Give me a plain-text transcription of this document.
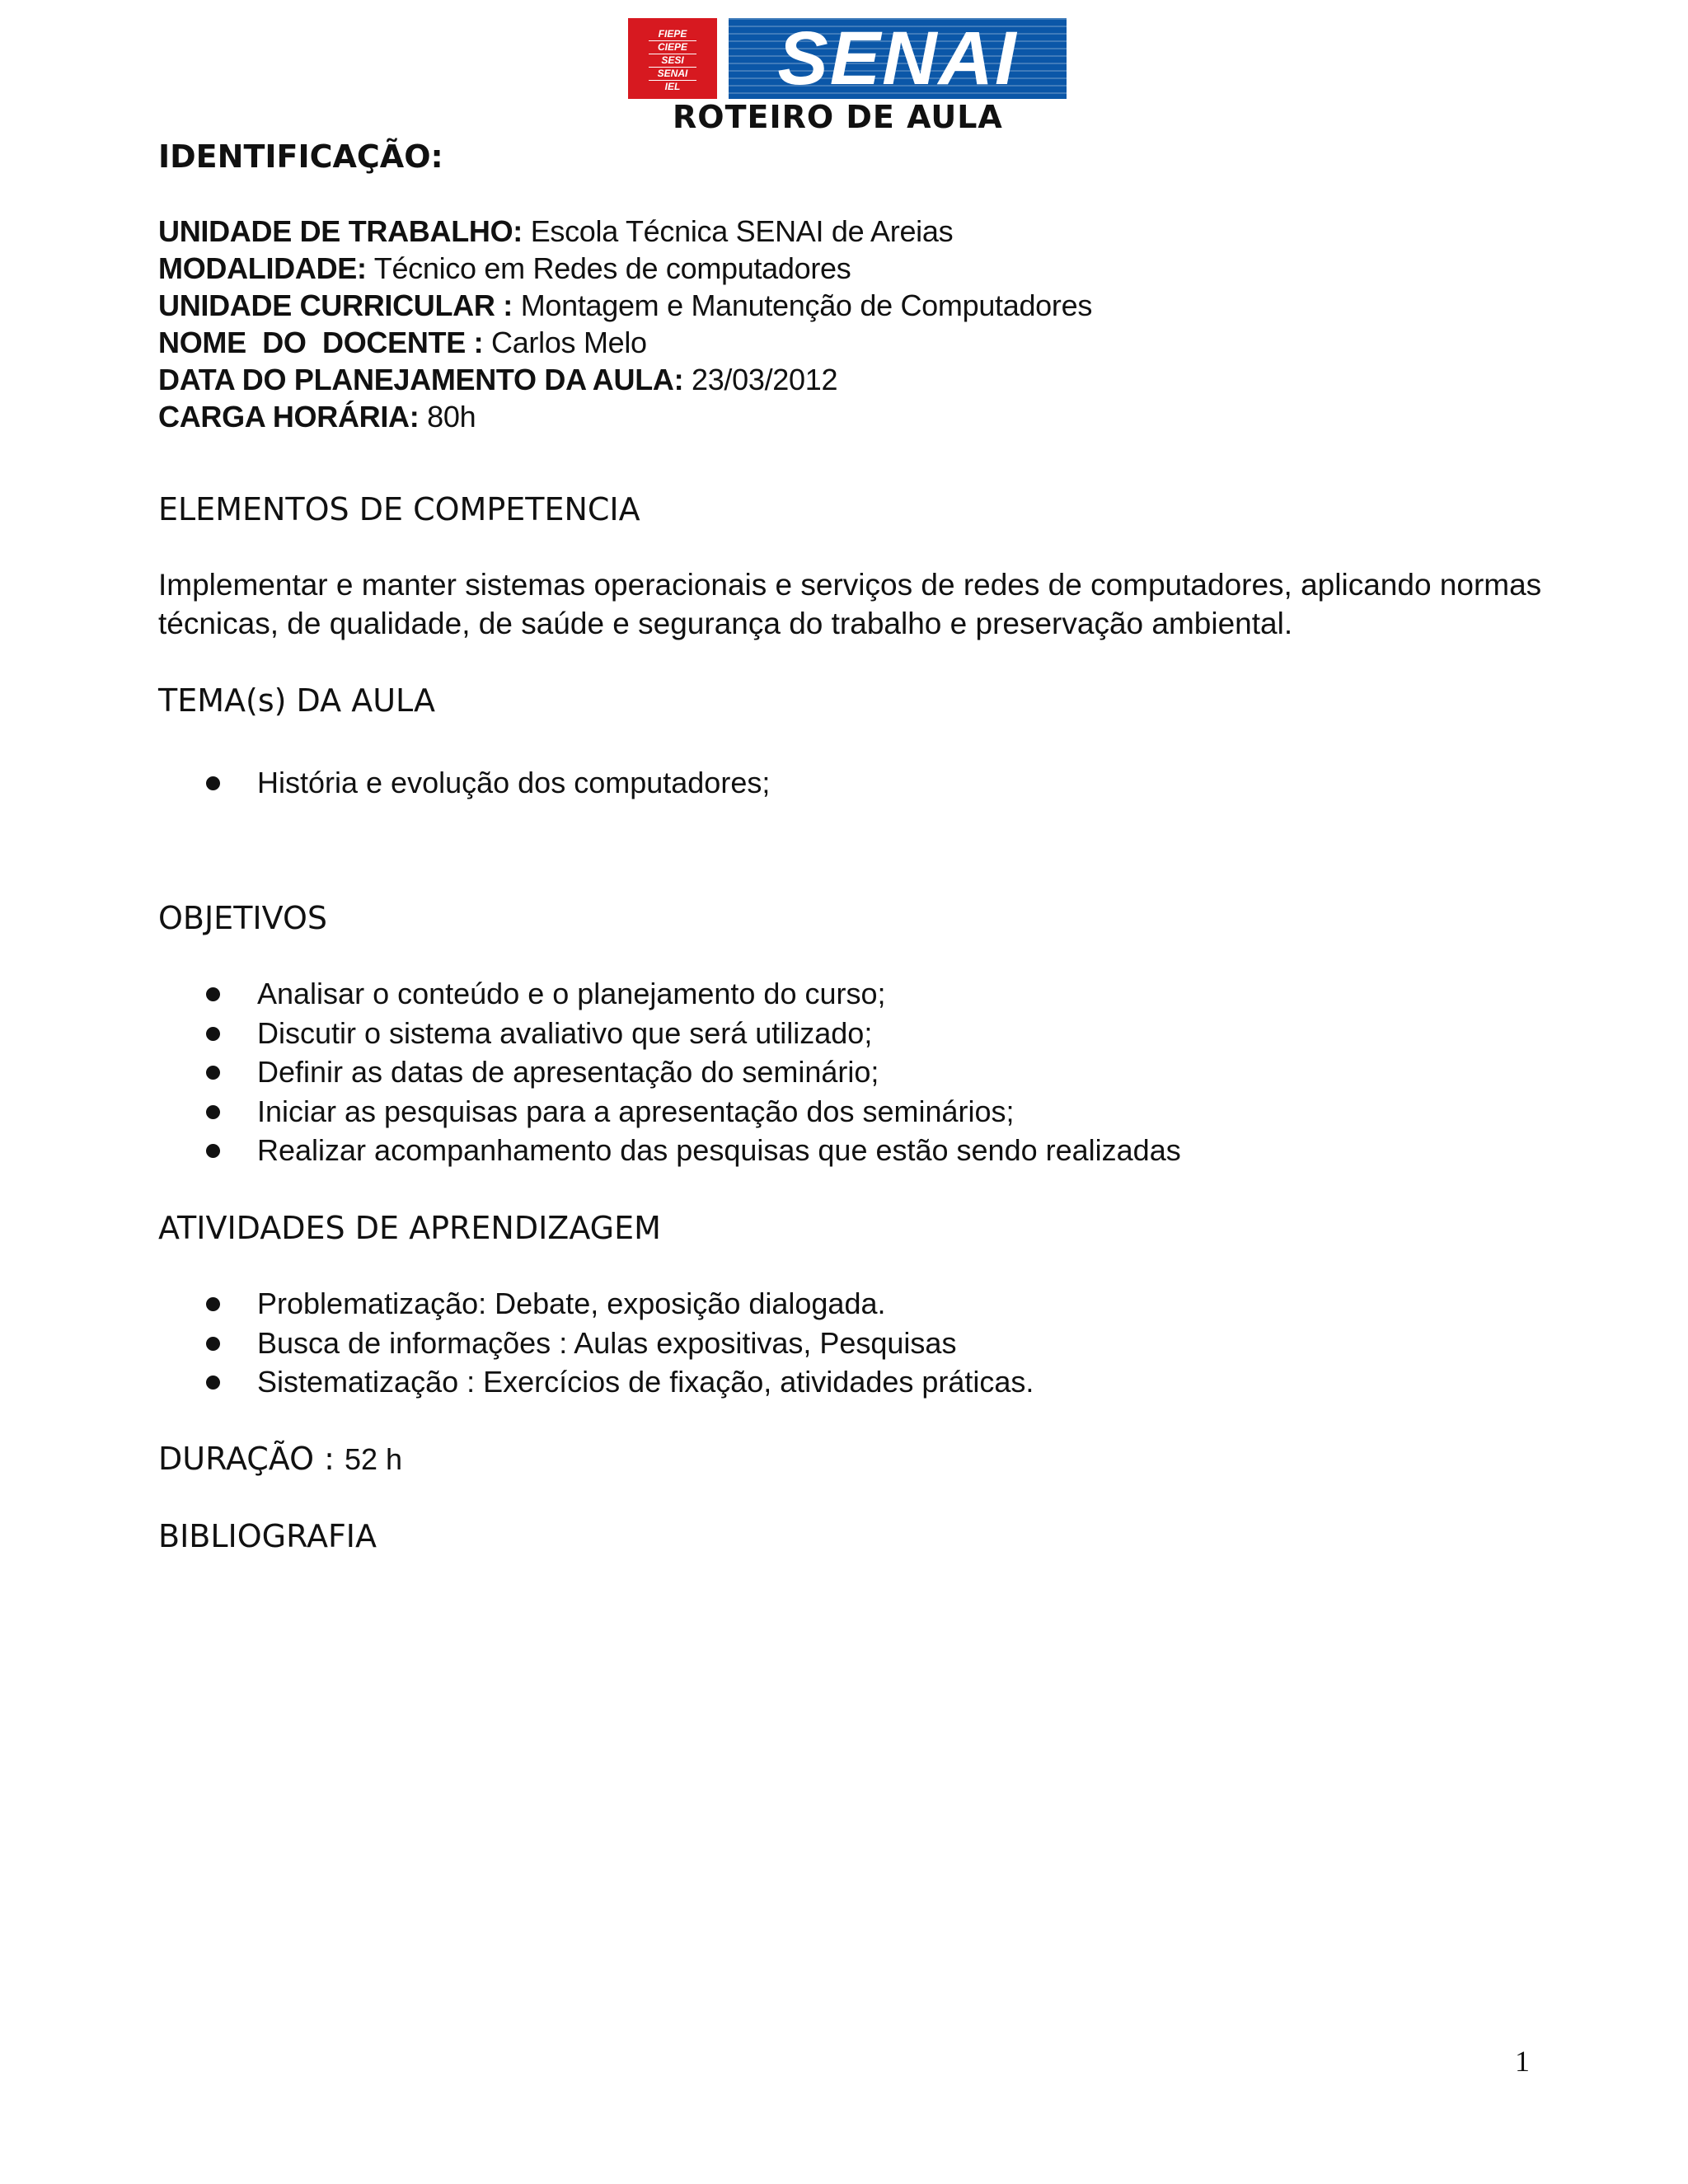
FIEPE
CIEPE
SESI
SENAI
IEL SENAI
ROTEIRO DE AULA
IDENTIFICAÇÃO:
UNIDADE DE TRABALHO: Escola Técnica SENAI de Areias
MODALIDADE: Técnico em Redes de computadores
UNIDADE CURRICULAR : Montagem e Manutenção de Computadores
NOME  DO  DOCENTE : Carlos Melo
DATA DO PLANEJAMENTO DA AULA: 23/03/2012
CARGA HORÁRIA: 80h
ELEMENTOS DE COMPETENCIA
Implementar e manter sistemas operacionais e serviços de redes de computadores, aplicando normas técnicas, de qualidade, de saúde e segurança do trabalho e preservação ambiental.
TEMA(s) DA AULA
História e evolução dos computadores;
OBJETIVOS
Analisar o conteúdo e o planejamento do curso;
Discutir o sistema avaliativo que será utilizado;
Definir as datas de apresentação do seminário;
Iniciar as pesquisas para a apresentação dos seminários;
Realizar acompanhamento das pesquisas que estão sendo realizadas
ATIVIDADES DE APRENDIZAGEM
Problematização: Debate, exposição dialogada.
Busca de informações : Aulas expositivas, Pesquisas
Sistematização : Exercícios de fixação, atividades práticas.
DURAÇÃO : 52 h
BIBLIOGRAFIA
1
